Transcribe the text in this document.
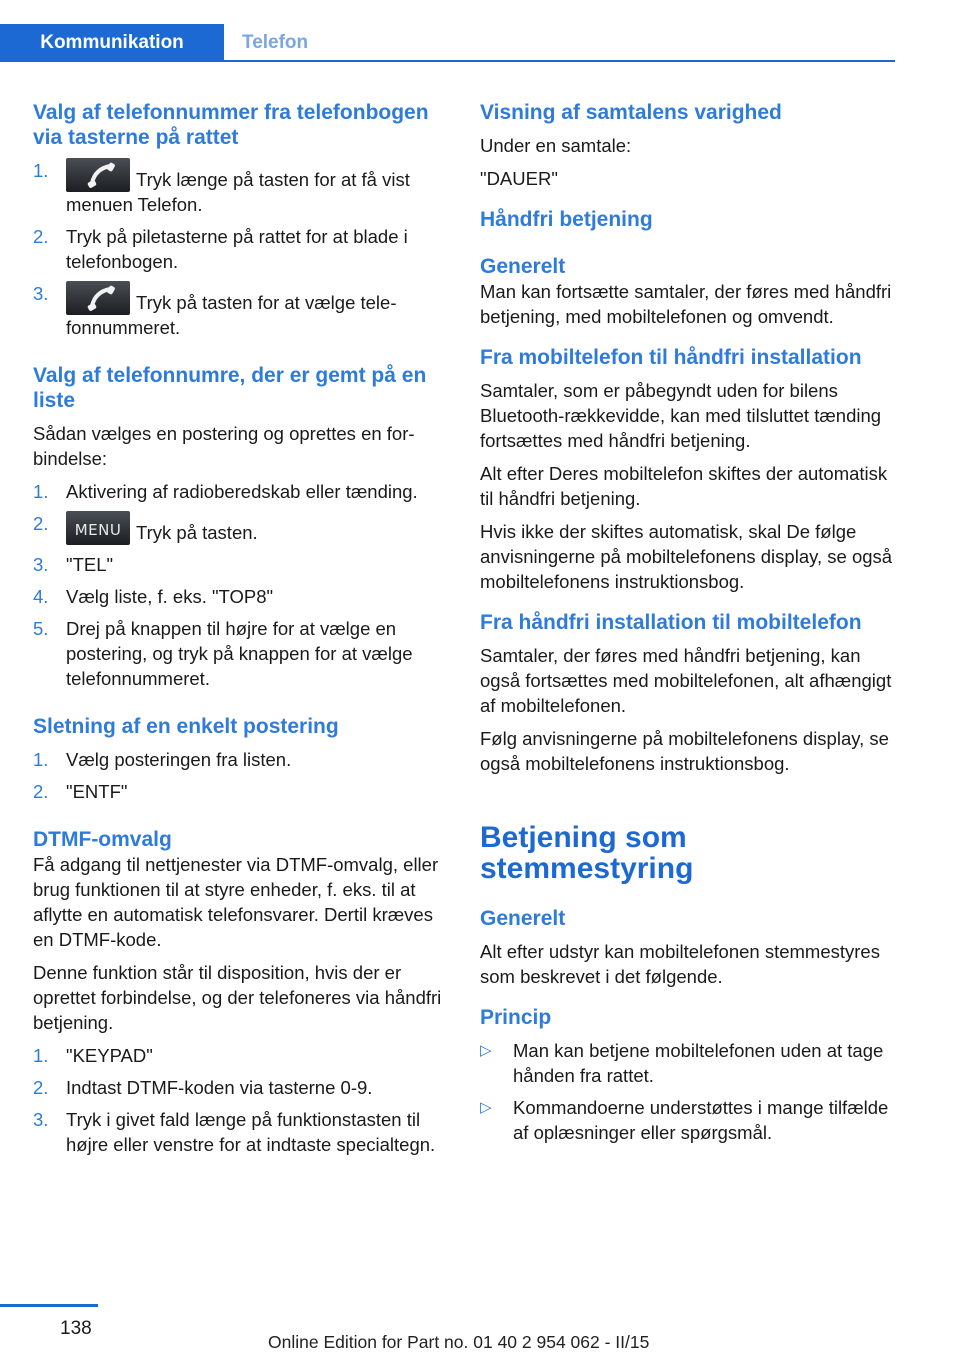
Kommunikation	Telefon
Valg af telefonnummer fra telefonbogen via tasterne på rattet
1.	Tryk længe på tasten for at få vist menuen Telefon.
2. Tryk på piletasterne på rattet for at blade i telefonbogen.
3.	Tryk på tasten for at vælge telefonnummeret.
Valg af telefonnumre, der er gemt på en liste

Sådan vælges en postering og oprettes en forbindelse:

1. Aktivering af radioberedskab eller tænding.
2.	MENU Tryk på tasten.
3. "TEL"
4. Vælg liste, f. eks. "TOP8"
5. Drej på knappen til højre for at vælge en postering, og tryk på knappen for at vælge telefonnummeret.
Sletning af en enkelt postering
1. Vælg posteringen fra listen.
2. "ENTF"
DTMF-omvalg

Få adgang til nettjenester via DTMF-omvalg, eller brug funktionen til at styre enheder, f. eks. til at aflytte en automatisk telefonsvarer. Dertil kræves en DTMF-kode.

Denne funktion står til disposition, hvis der er oprettet forbindelse, og der telefoneres via håndfri betjening.

1. "KEYPAD"
2. Indtast DTMF-koden via tasterne 0-9.
3. Tryk i givet fald længe på funktionstasten til højre eller venstre for at indtaste specialtegn.
Visning af samtalens varighed

Under en samtale:

"DAUER"

Håndfri betjening
Generelt

Man kan fortsætte samtaler, der føres med håndfri betjening, med mobiltelefonen og omvendt.

Fra mobiltelefon til håndfri installation

Samtaler, som er påbegyndt uden for bilens Bluetooth-rækkevidde, kan med tilsluttet tænding fortsættes med håndfri betjening.

Alt efter Deres mobiltelefon skiftes der automatisk til håndfri betjening.

Hvis ikke der skiftes automatisk, skal De følge anvisningerne på mobiltelefonens display, se også mobiltelefonens instruktionsbog.

Fra håndfri installation til mobiltelefon

Samtaler, der føres med håndfri betjening, kan også fortsættes med mobiltelefonen, alt afhængigt af mobiltelefonen.

Følg anvisningerne på mobiltelefonens display, se også mobiltelefonens instruktionsbog.

Betjening som stemmestyring
Generelt

Alt efter udstyr kan mobiltelefonen stemmestyres som beskrevet i det følgende.

Princip
▷ Man kan betjene mobiltelefonen uden at tage hånden fra rattet.
▷ Kommandoerne understøttes i mange tilfælde af oplæsninger eller spørgsmål.
138
Online Edition for Part no. 01 40 2 954 062 - II/15
